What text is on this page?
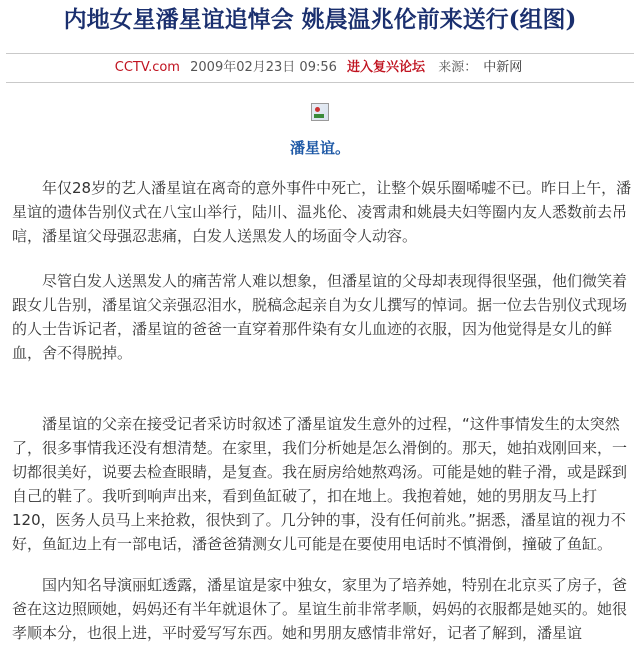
内地女星潘星谊追悼会 姚晨温兆伦前来送行(组图)
CCTV.com 2009年02月23日 09:56 进入复兴论坛 来源： 中新网
潘星谊。

年仅28岁的艺人潘星谊在离奇的意外事件中死亡，让整个娱乐圈唏嘘不已。昨日上午，潘星谊的遗体告别仪式在八宝山举行，陆川、温兆伦、凌霄肃和姚晨夫妇等圈内友人悉数前去吊唁，潘星谊父母强忍悲痛，白发人送黑发人的场面令人动容。

尽管白发人送黑发人的痛苦常人难以想象，但潘星谊的父母却表现得很坚强，他们微笑着跟女儿告别，潘星谊父亲强忍泪水，脱稿念起亲自为女儿撰写的悼词。据一位去告别仪式现场的人士告诉记者，潘星谊的爸爸一直穿着那件染有女儿血迹的衣服，因为他觉得是女儿的鲜血，舍不得脱掉。

潘星谊的父亲在接受记者采访时叙述了潘星谊发生意外的过程，“这件事情发生的太突然了，很多事情我还没有想清楚。在家里，我们分析她是怎么滑倒的。那天，她拍戏刚回来，一切都很美好，说要去检查眼睛，是复查。我在厨房给她熬鸡汤。可能是她的鞋子滑，或是踩到自己的鞋了。我听到响声出来，看到鱼缸破了，扣在地上。我抱着她，她的男朋友马上打120，医务人员马上来抢救，很快到了。几分钟的事，没有任何前兆。”据悉，潘星谊的视力不好，鱼缸边上有一部电话，潘爸爸猜测女儿可能是在要使用电话时不慎滑倒，撞破了鱼缸。

国内知名导演丽虹透露，潘星谊是家中独女，家里为了培养她，特别在北京买了房子，爸爸在这边照顾她，妈妈还有半年就退休了。星谊生前非常孝顺，妈妈的衣服都是她买的。她很孝顺本分，也很上进，平时爱写写东西。她和男朋友感情非常好，记者了解到，潘星谊
